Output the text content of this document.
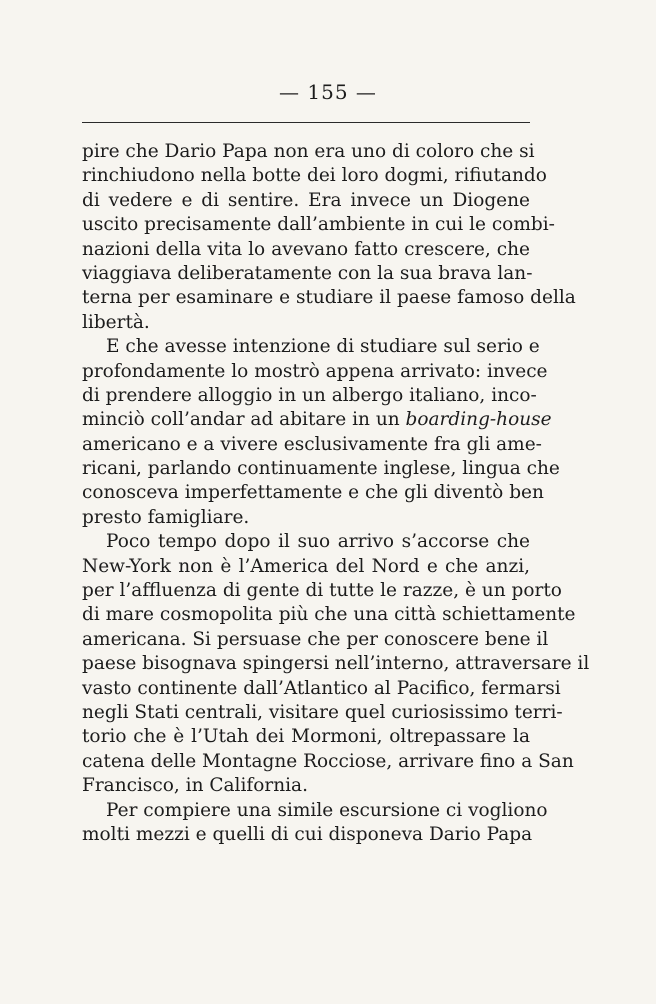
— 155 —
pire che Dario Papa non era uno di coloro che si
rinchiudono nella botte dei loro dogmi, rifiutando
di vedere e di sentire. Era invece un Diogene
uscito precisamente dall’ambiente in cui le combi-
nazioni della vita lo avevano fatto crescere, che
viaggiava deliberatamente con la sua brava lan-
terna per esaminare e studiare il paese famoso della
libertà.
E che avesse intenzione di studiare sul serio e
profondamente lo mostrò appena arrivato: invece
di prendere alloggio in un albergo italiano, inco-
minciò coll’andar ad abitare in un boarding-house
americano e a vivere esclusivamente fra gli ame-
ricani, parlando continuamente inglese, lingua che
conosceva imperfettamente e che gli diventò ben
presto famigliare.
Poco tempo dopo il suo arrivo s’accorse che
New-York non è l’America del Nord e che anzi,
per l’affluenza di gente di tutte le razze, è un porto
di mare cosmopolita più che una città schiettamente
americana. Si persuase che per conoscere bene il
paese bisognava spingersi nell’interno, attraversare il
vasto continente dall’Atlantico al Pacifico, fermarsi
negli Stati centrali, visitare quel curiosissimo terri-
torio che è l’Utah dei Mormoni, oltrepassare la
catena delle Montagne Rocciose, arrivare fino a San
Francisco, in California.
Per compiere una simile escursione ci vogliono
molti mezzi e quelli di cui disponeva Dario Papa
